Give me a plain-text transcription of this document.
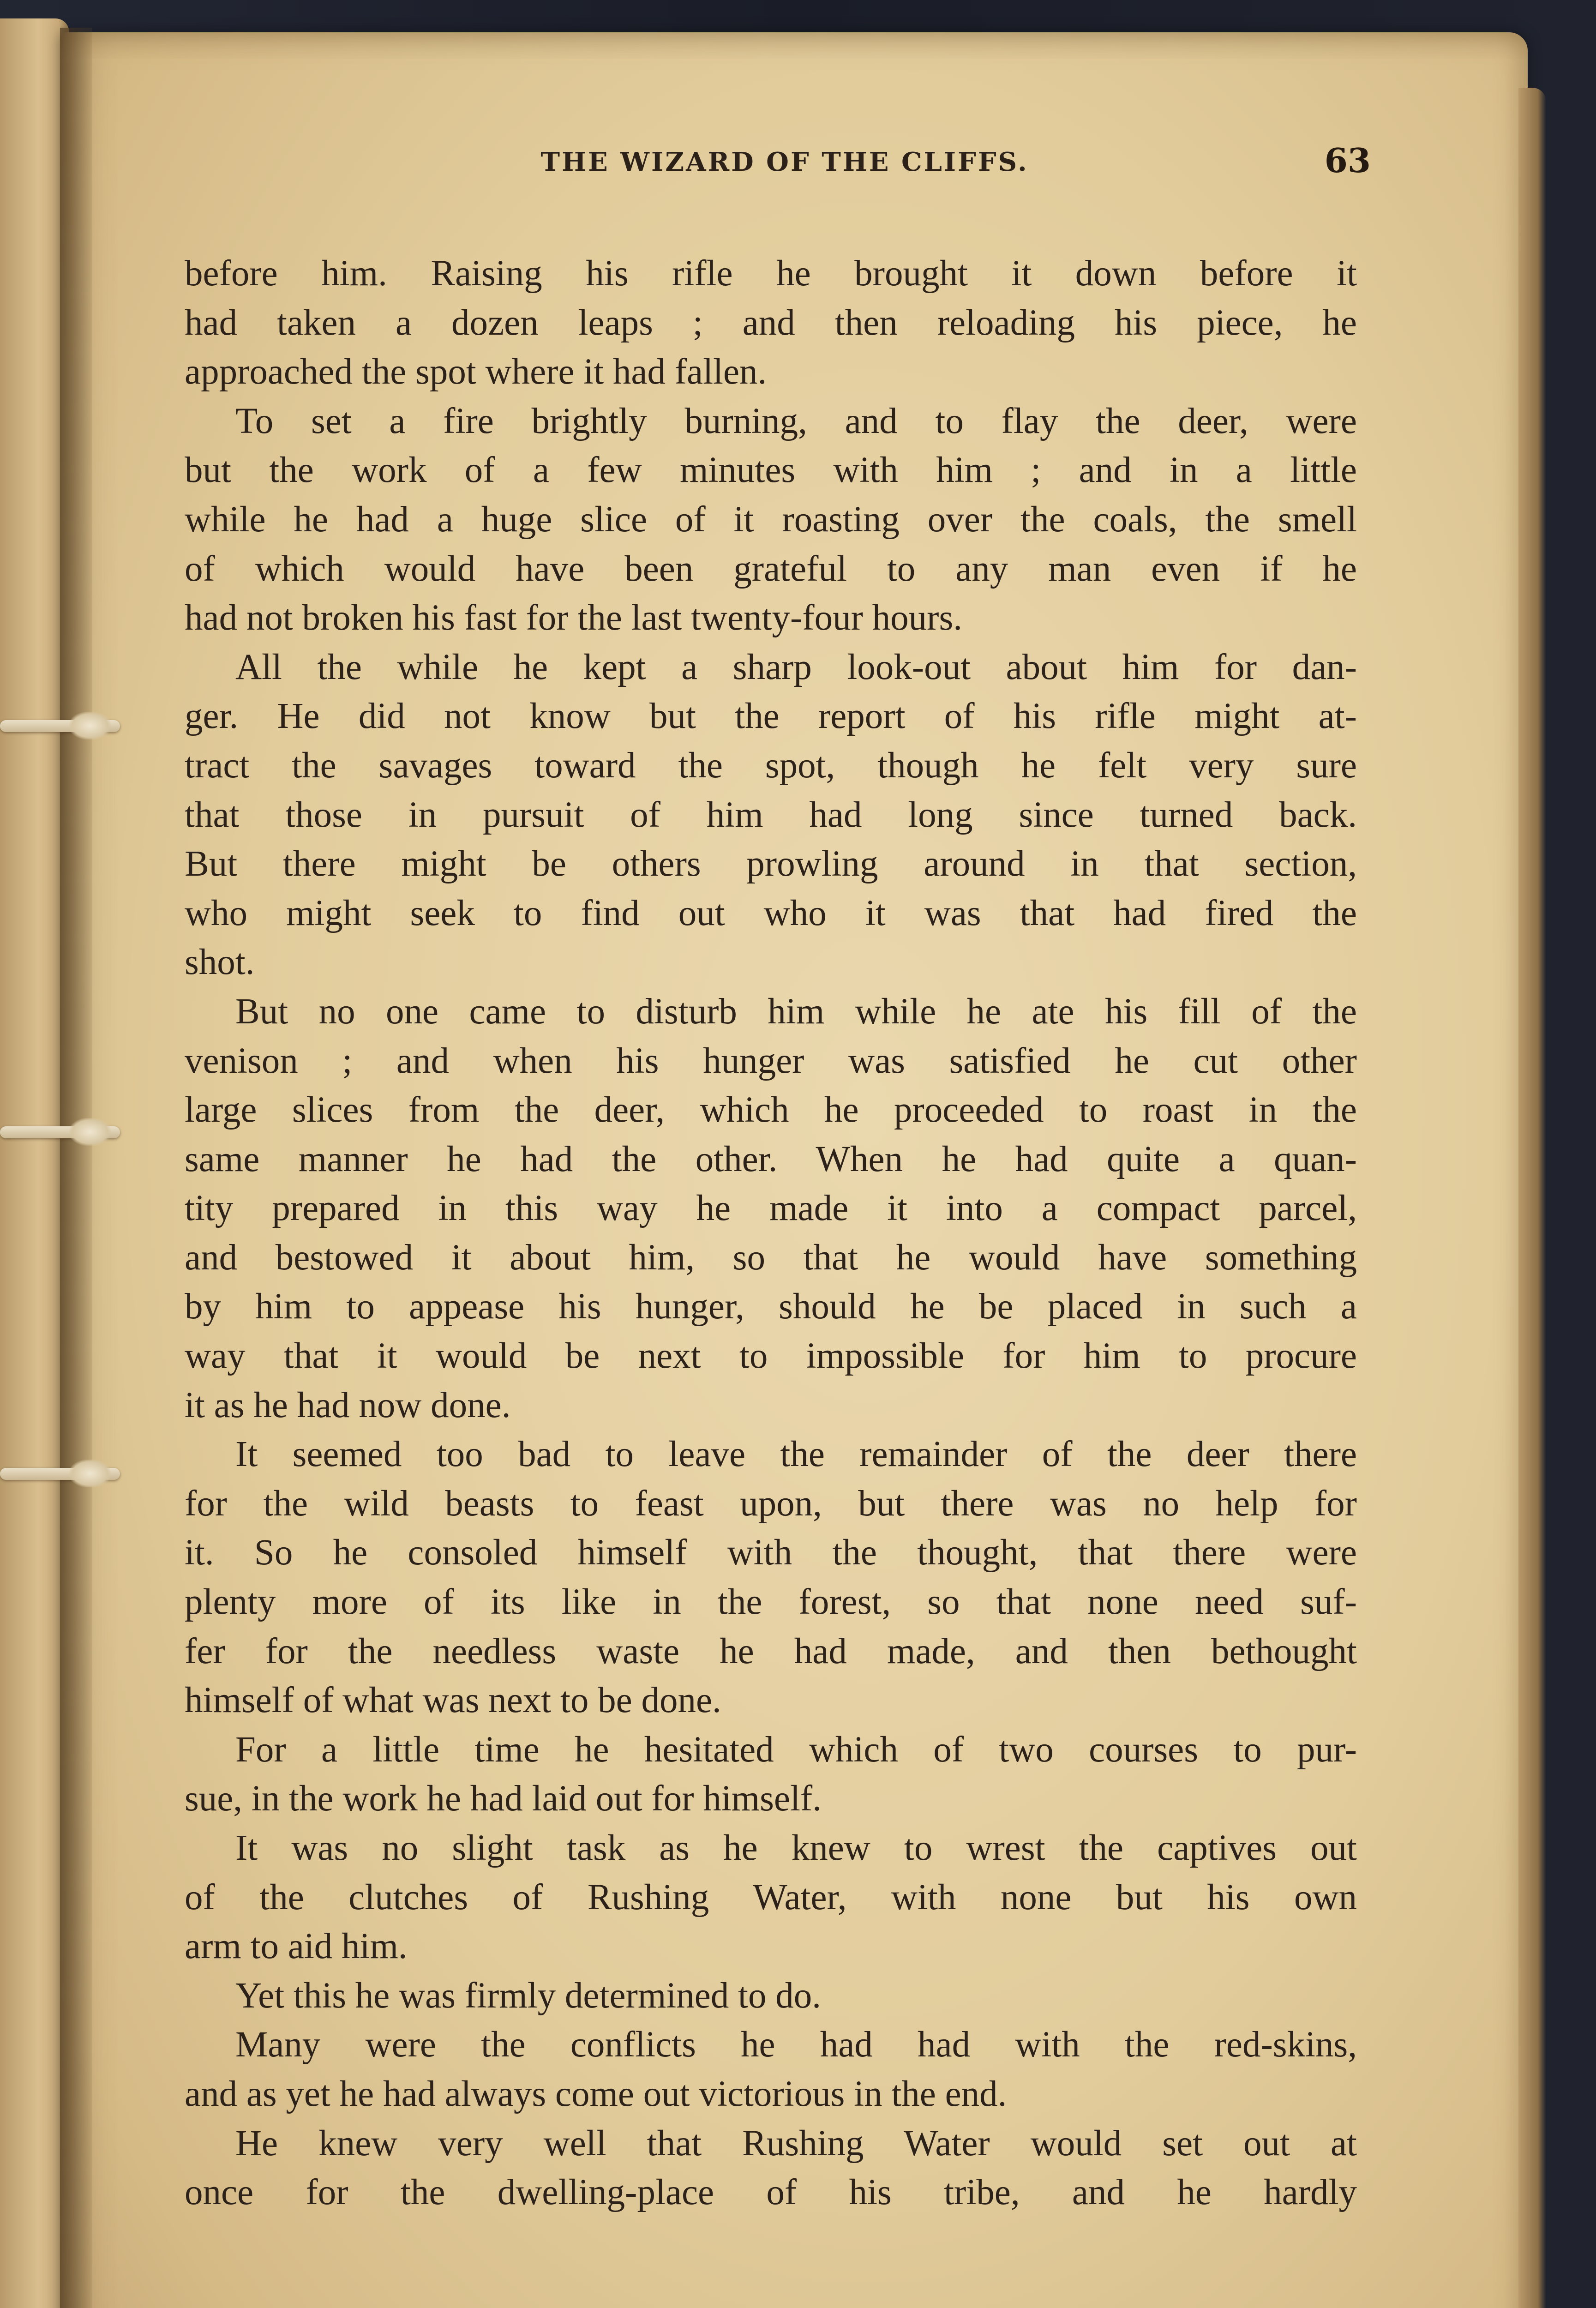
THE WIZARD OF THE CLIFFS.	63
before him. Raising his rifle he brought it down before it
had taken a dozen leaps ; and then reloading his piece, he
approached the spot where it had fallen.
To set a fire brightly burning, and to flay the deer, were
but the work of a few minutes with him ; and in a little
while he had a huge slice of it roasting over the coals, the smell
of which would have been grateful to any man even if he
had not broken his fast for the last twenty-four hours.
All the while he kept a sharp look-out about him for dan-
ger. He did not know but the report of his rifle might at-
tract the savages toward the spot, though he felt very sure
that those in pursuit of him had long since turned back.
But there might be others prowling around in that section,
who might seek to find out who it was that had fired the
shot.
But no one came to disturb him while he ate his fill of the
venison ; and when his hunger was satisfied he cut other
large slices from the deer, which he proceeded to roast in the
same manner he had the other. When he had quite a quan-
tity prepared in this way he made it into a compact parcel,
and bestowed it about him, so that he would have something
by him to appease his hunger, should he be placed in such a
way that it would be next to impossible for him to procure
it as he had now done.
It seemed too bad to leave the remainder of the deer there
for the wild beasts to feast upon, but there was no help for
it. So he consoled himself with the thought, that there were
plenty more of its like in the forest, so that none need suf-
fer for the needless waste he had made, and then bethought
himself of what was next to be done.
For a little time he hesitated which of two courses to pur-
sue, in the work he had laid out for himself.
It was no slight task as he knew to wrest the captives out
of the clutches of Rushing Water, with none but his own
arm to aid him.
Yet this he was firmly determined to do.
Many were the conflicts he had had with the red-skins,
and as yet he had always come out victorious in the end.
He knew very well that Rushing Water would set out at
once for the dwelling-place of his tribe, and he hardly
